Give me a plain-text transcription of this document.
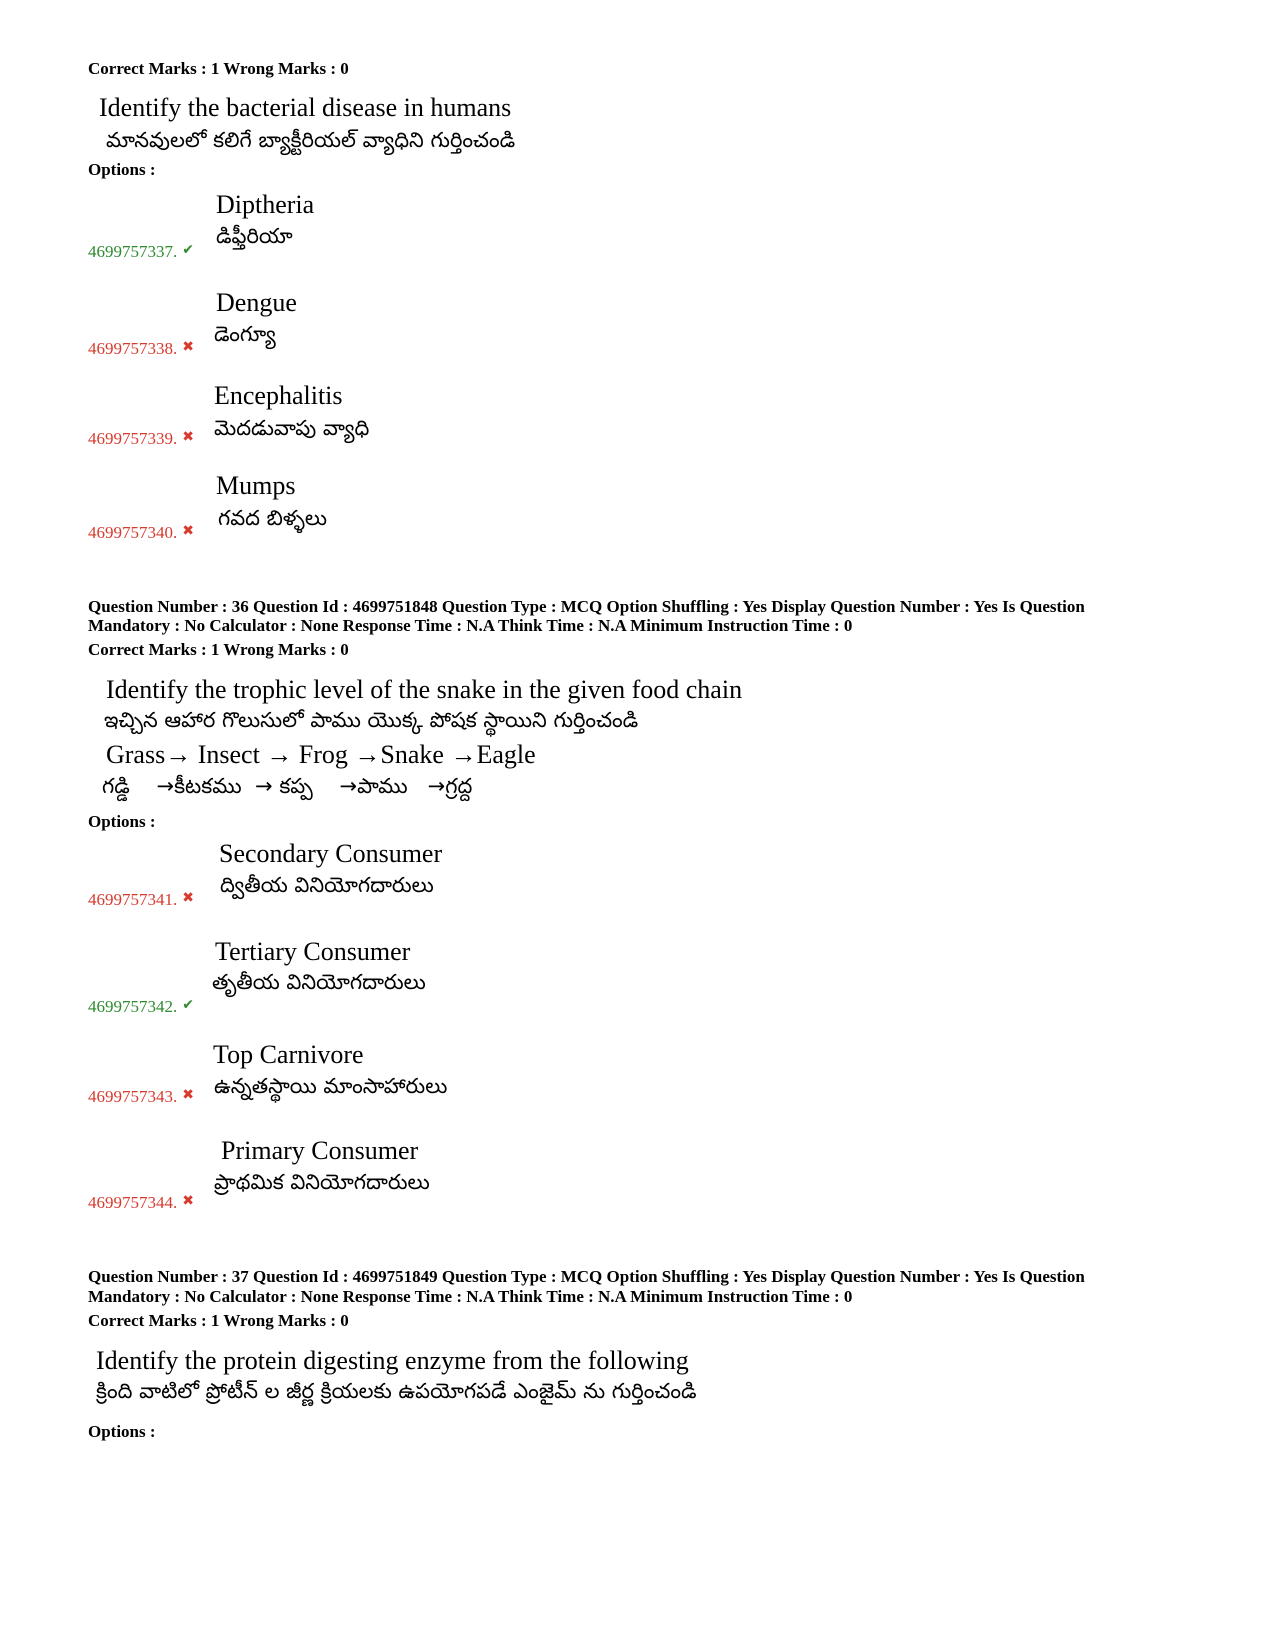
Correct Marks : 1 Wrong Marks : 0
Identify the bacterial disease in humans
మానవులలో కలిగే బ్యాక్టీరియల్ వ్యాధిని గుర్తించండి
Options :
Diptheria
డిఫ్తీరియా
4699757337. ✔
Dengue
డెంగ్యూ
4699757338. ✖
Encephalitis
మెదడువాపు వ్యాధి
4699757339. ✖
Mumps
గవద బిళ్ళలు
4699757340. ✖
Question Number : 36 Question Id : 4699751848 Question Type : MCQ Option Shuffling : Yes Display Question Number : Yes Is Question
Mandatory : No Calculator : None Response Time : N.A Think Time : N.A Minimum Instruction Time : 0
Correct Marks : 1 Wrong Marks : 0
Identify the trophic level of the snake in the given food chain
ఇచ్చిన ఆహార గొలుసులో పాము యొక్క పోషక స్థాయిని గుర్తించండి
Grass→ Insect → Frog →Snake →Eagle
గడ్డి    →కీటకము  → కప్ప    →పాము   →గ్రద్ద
Options :
Secondary Consumer
ద్వితీయ వినియోగదారులు
4699757341. ✖
Tertiary Consumer
తృతీయ వినియోగదారులు
4699757342. ✔
Top Carnivore
ఉన్నతస్థాయి మాంసాహారులు
4699757343. ✖
Primary Consumer
ప్రాథమిక వినియోగదారులు
4699757344. ✖
Question Number : 37 Question Id : 4699751849 Question Type : MCQ Option Shuffling : Yes Display Question Number : Yes Is Question
Mandatory : No Calculator : None Response Time : N.A Think Time : N.A Minimum Instruction Time : 0
Correct Marks : 1 Wrong Marks : 0
Identify the protein digesting enzyme from the following
క్రింది వాటిలో ప్రోటీన్ ల జీర్ణ క్రియలకు ఉపయోగపడే ఎంజైమ్ ను గుర్తించండి
Options :
